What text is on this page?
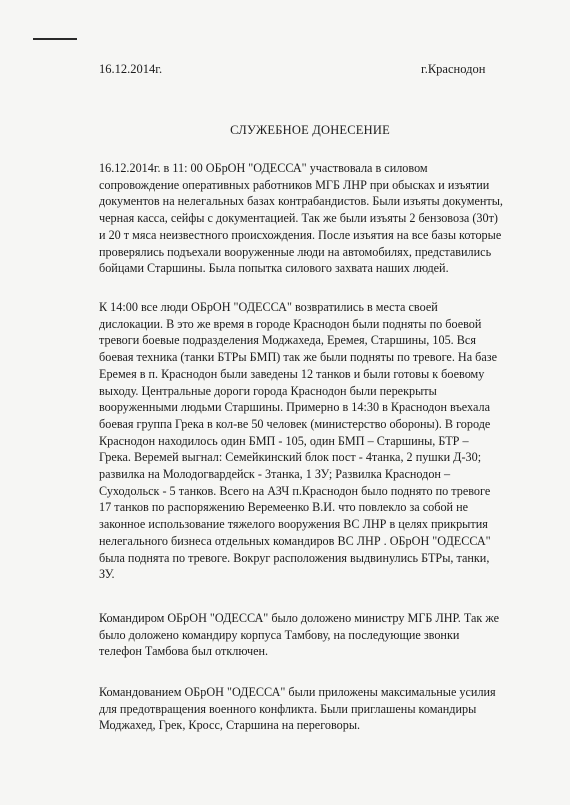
16.12.2014г.	г.Краснодон
СЛУЖЕБНОЕ ДОНЕСЕНИЕ
16.12.2014г. в 11: 00 ОБрОН "ОДЕССА" участвовала в силовом
сопровождение оперативных работников МГБ ЛНР при обысках и изъятии
документов на нелегальных базах контрабандистов. Были изъяты документы,
черная касса, сейфы с документацией. Так же были изъяты 2 бензовоза (30т)
и 20 т мяса неизвестного происхождения. После изъятия на все базы которые
проверялись подъехали вооруженные люди на автомобилях, представились
бойцами Старшины. Была попытка силового захвата наших людей.
К 14:00 все люди ОБрОН "ОДЕССА" возвратились в места своей
дислокации. В это же время в городе Краснодон были подняты по боевой
тревоги боевые подразделения Моджахеда, Еремея, Старшины, 105. Вся
боевая техника (танки БТРы БМП) так же были подняты по тревоге. На базе
Еремея в п. Краснодон были заведены 12 танков и были готовы к боевому
выходу. Центральные дороги города Краснодон были перекрыты
вооруженными людьми Старшины. Примерно в 14:30 в Краснодон въехала
боевая группа Грека в кол-ве 50 человек (министерство обороны). В городе
Краснодон находилось один БМП - 105, один БМП – Старшины, БТР –
Грека. Веремей выгнал: Семейкинский блок пост - 4танка, 2 пушки Д-30;
развилка на Молодогвардейск - 3танка, 1 ЗУ; Развилка Краснодон –
Суходольск - 5 танков. Всего на АЗЧ п.Краснодон было поднято по тревоге
17 танков по распоряжению Веремеенко В.И. что повлекло за собой не
законное использование тяжелого вооружения ВС ЛНР в целях прикрытия
нелегального бизнеса отдельных командиров ВС ЛНР . ОБрОН "ОДЕССА"
была поднята по тревоге. Вокруг расположения выдвинулись БТРы, танки,
ЗУ.
Командиром ОБрОН "ОДЕССА" было доложено министру МГБ ЛНР. Так же
было доложено командиру корпуса Тамбову, на последующие звонки
телефон Тамбова был отключен.
Командованием ОБрОН "ОДЕССА" были приложены максимальные усилия
для предотвращения военного конфликта. Были приглашены командиры
Моджахед, Грек, Кросс, Старшина на переговоры.
